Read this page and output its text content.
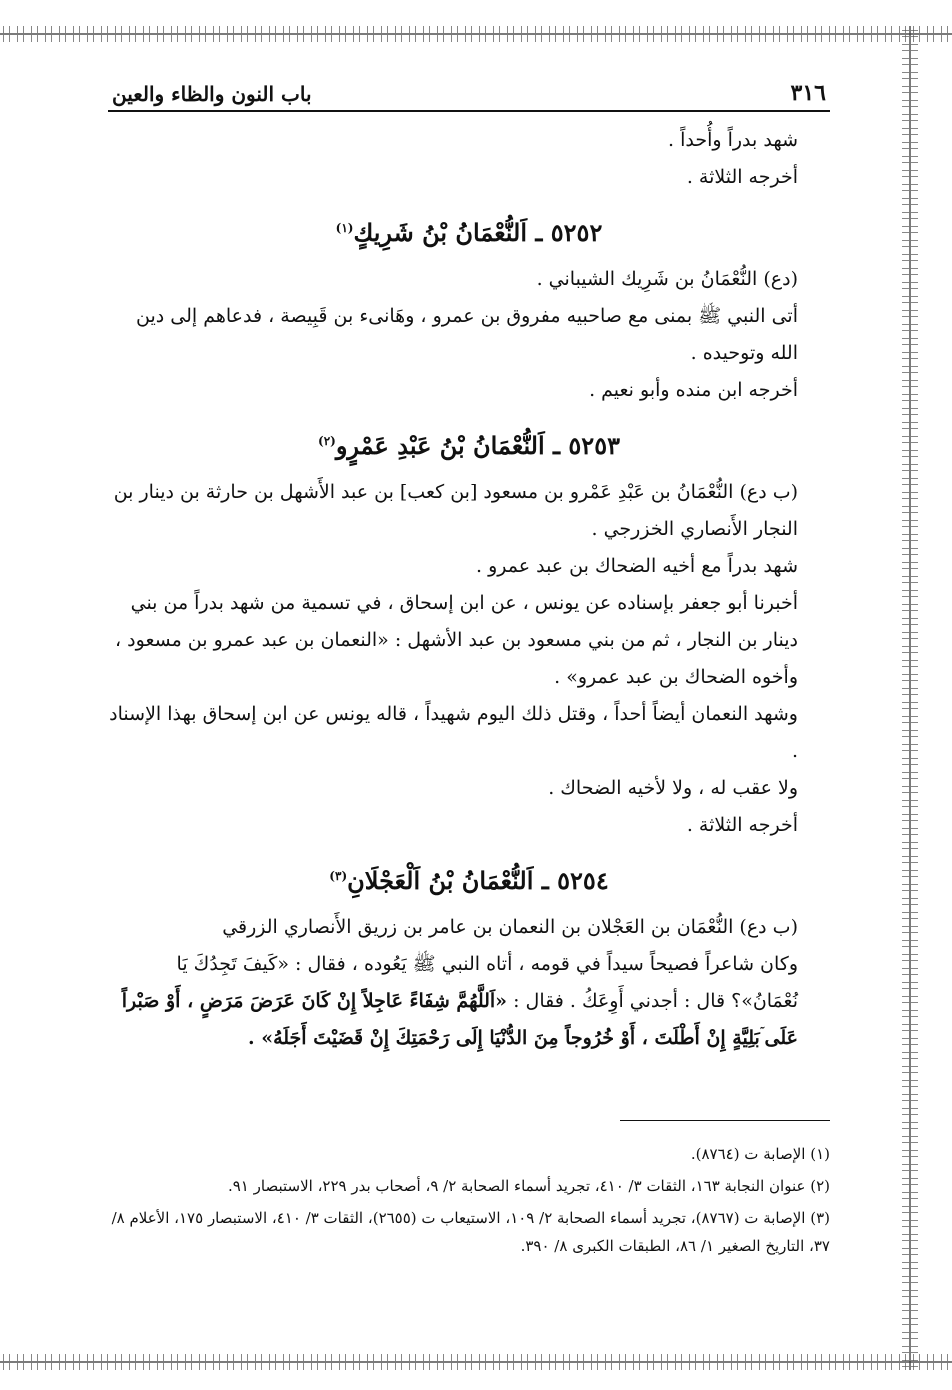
٣١٦
باب النون والظاء والعين

شهد بدراً وأُحداً .

أخرجه الثلاثة .

٥٢٥٢ ـ اَلنُّعْمَانُ بْنُ شَرِيكٍ$^{(١)}$

(دع) النُّعْمَانُ بن شَرِيك الشيباني .

أتى النبي ﷺ بمنى مع صاحبيه مفروق بن عمرو ، وهَانىء بن قَبِيصة ، فدعاهم إلى دين الله وتوحيده .

أخرجه ابن منده وأبو نعيم .

٥٢٥٣ ـ اَلنُّعْمَانُ بْنُ عَبْدِ عَمْرٍو$^{(٢)}$

(ب دع) النُّعْمَانُ بن عَبْدِ عَمْرو بن مسعود [بن كعب] بن عبد الأَشهل بن حارثة بن دينار بن النجار الأَنصاري الخزرجي .

شهد بدراً مع أخيه الضحاك بن عبد عمرو .

أخبرنا أبو جعفر بإسناده عن يونس ، عن ابن إسحاق ، في تسمية من شهد بدراً من بني دينار بن النجار ، ثم من بني مسعود بن عبد الأشهل : «النعمان بن عبد عمرو بن مسعود ، وأخوه الضحاك بن عبد عمرو» .

وشهد النعمان أيضاً أحداً ، وقتل ذلك اليوم شهيداً ، قاله يونس عن ابن إسحاق بهذا الإسناد .

ولا عقب له ، ولا لأخيه الضحاك .

أخرجه الثلاثة .

٥٢٥٤ ـ اَلنُّعْمَانُ بْنُ اَلْعَجْلَانِ$^{(٣)}$

(ب دع) النُّعْمَان بن العَجْلان بن النعمان بن عامر بن زريق الأَنصاري الزرقي

وكان شاعراً فصيحاً سيداً في قومه ، أتاه النبي ﷺ يَعُوده ، فقال : «كَيفَ تَجِدُكَ يَا نُعْمَانُ»؟ قال : أجدني أَوِعَكُ . فقال : «اَللَّهُمَّ شِفَاءً عَاجِلاً إِنْ كَانَ عَرَضَ مَرَضٍ ، أَوْ صَبْراً عَلَى ۤبَلِيَّةٍ إِنْ أَطْلَتَ ، أَوْ خُرُوجاً مِنَ الدُّنْيَا إِلَى رَحْمَتِكَ إِنْ قَضَيْتَ أَجَلَهُ» .

(١) الإصابة ت (٨٧٦٤).

(٢) عنوان النجابة ١٦٣، الثقات ٣/ ٤١٠، تجريد أسماء الصحابة ٢/ ٩، أصحاب بدر ٢٢٩، الاستبصار ٩١.

(٣) الإصابة ت (٨٧٦٧)، تجريد أسماء الصحابة ٢/ ١٠٩، الاستيعاب ت (٢٦٥٥)، الثقات ٣/ ٤١٠، الاستبصار ١٧٥، الأعلام ٨/ ٣٧، التاريخ الصغير ١/ ٨٦، الطبقات الكبرى ٨/ ٣٩٠.
